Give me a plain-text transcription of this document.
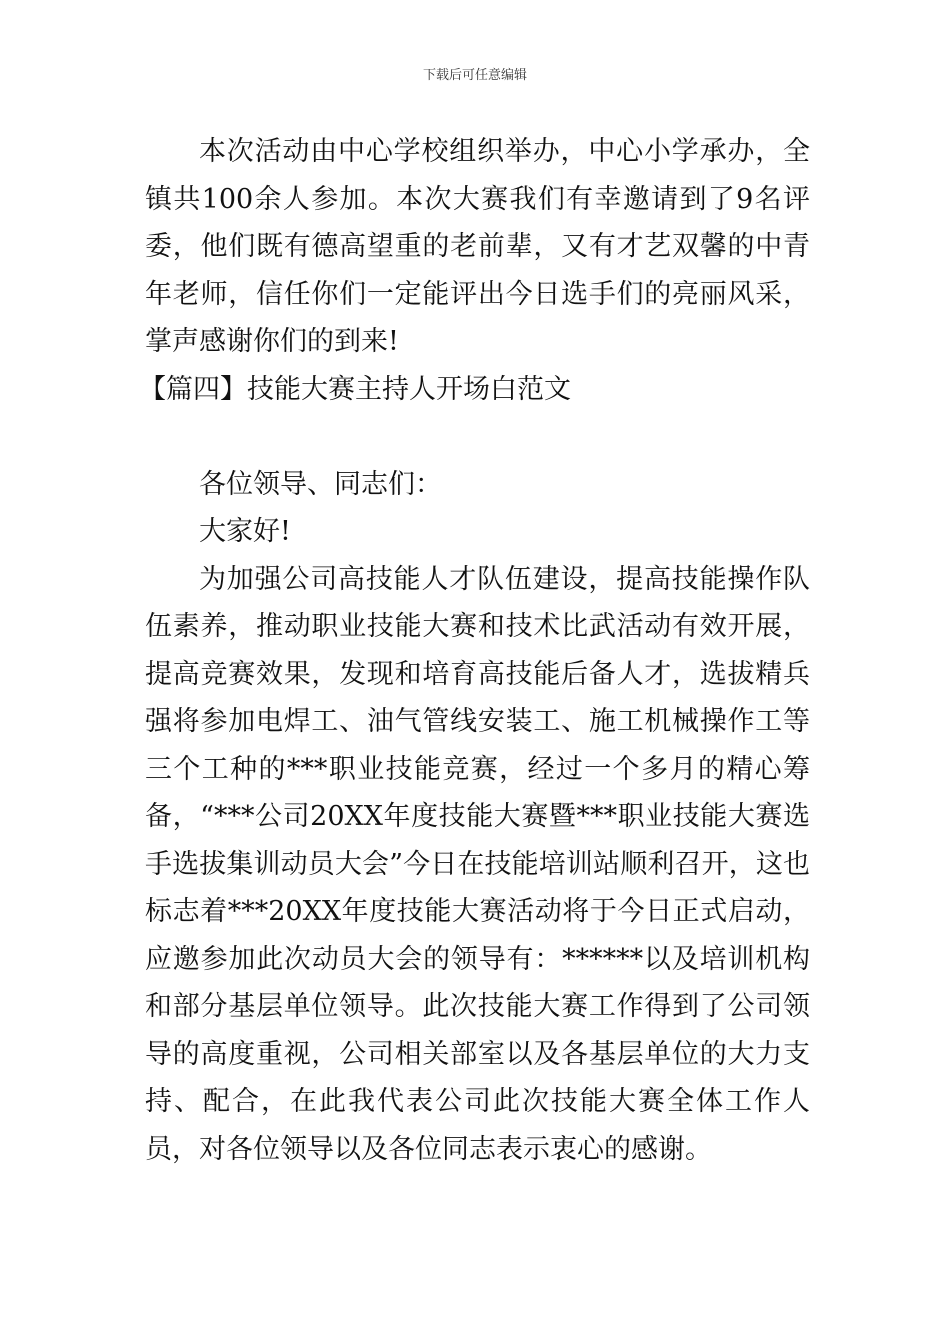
下载后可任意编辑

本次活动由中心学校组织举办，中心小学承办，全镇共100余人参加。本次大赛我们有幸邀请到了9名评委，他们既有德高望重的老前辈，又有才艺双馨的中青年老师，信任你们一定能评出今日选手们的亮丽风采，掌声感谢你们的到来!

【篇四】技能大赛主持人开场白范文

各位领导、同志们：

大家好!

为加强公司高技能人才队伍建设，提高技能操作队伍素养，推动职业技能大赛和技术比武活动有效开展，提高竞赛效果，发现和培育高技能后备人才，选拔精兵强将参加电焊工、油气管线安装工、施工机械操作工等三个工种的***职业技能竞赛，经过一个多月的精心筹备，“***公司20XX年度技能大赛暨***职业技能大赛选手选拔集训动员大会”今日在技能培训站顺利召开，这也标志着***20XX年度技能大赛活动将于今日正式启动，应邀参加此次动员大会的领导有：******以及培训机构和部分基层单位领导。此次技能大赛工作得到了公司领导的高度重视，公司相关部室以及各基层单位的大力支持、配合，在此我代表公司此次技能大赛全体工作人员，对各位领导以及各位同志表示衷心的感谢。
